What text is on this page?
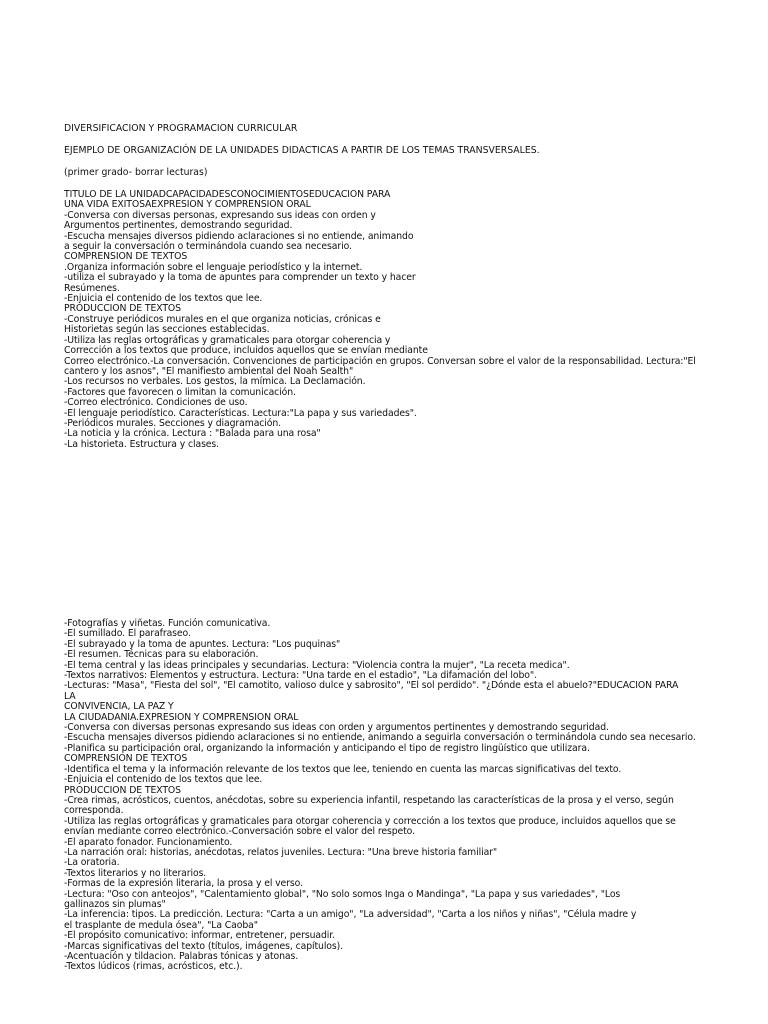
DIVERSIFICACION Y PROGRAMACION CURRICULAR
EJEMPLO DE ORGANIZACIÓN DE LA UNIDADES DIDACTICAS A PARTIR DE LOS TEMAS TRANSVERSALES.
(primer grado- borrar lecturas)
TITULO DE LA UNIDADCAPACIDADESCONOCIMIENTOSEDUCACION PARA
UNA VIDA EXITOSAEXPRESION Y COMPRENSION ORAL
-Conversa con diversas personas, expresando sus ideas con orden y
Argumentos pertinentes, demostrando seguridad.
-Escucha mensajes diversos pidiendo aclaraciones si no entiende, animando
a seguir la conversación o terminándola cuando sea necesario.
COMPRENSION DE TEXTOS
.Organiza información sobre el lenguaje periodístico y la internet.
-utiliza el subrayado y la toma de apuntes para comprender un texto y hacer
Resúmenes.
-Enjuicia el contenido de los textos que lee.
PRODUCCION DE TEXTOS
-Construye periódicos murales en el que organiza noticias, crónicas e
Historietas según las secciones establecidas.
-Utiliza las reglas ortográficas y gramaticales para otorgar coherencia y
Corrección a los textos que produce, incluidos aquellos que se envían mediante
Correo electrónico.-La conversación. Convenciones de participación en grupos. Conversan sobre el valor de la responsabilidad. Lectura:"El
cantero y los asnos", "El manifiesto ambiental del Noah Sealth"
-Los recursos no verbales. Los gestos, la mímica. La Declamación.
-Factores que favorecen o limitan la comunicación.
-Correo electrónico. Condiciones de uso.
-El lenguaje periodístico. Características. Lectura:"La papa y sus variedades".
-Periódicos murales. Secciones y diagramación.
-La noticia y la crónica. Lectura : "Balada para una rosa"
-La historieta. Estructura y clases.
-Fotografías y viñetas. Función comunicativa.
-El sumillado. El parafraseo.
-El subrayado y la toma de apuntes. Lectura: "Los puquinas"
-El resumen. Técnicas para su elaboración.
-El tema central y las ideas principales y secundarias. Lectura: "Violencia contra la mujer", "La receta medica".
-Textos narrativos: Elementos y estructura. Lectura: "Una tarde en el estadio", "La difamación del lobo".
-Lecturas: "Masa", "Fiesta del sol", "El camotito, valioso dulce y sabrosito", "El sol perdido". "¿Dónde esta el abuelo?"EDUCACION PARA
LA
CONVIVENCIA, LA PAZ Y
LA CIUDADANIA.EXPRESION Y COMPRENSION ORAL
-Conversa con diversas personas expresando sus ideas con orden y argumentos pertinentes y demostrando seguridad.
-Escucha mensajes diversos pidiendo aclaraciones si no entiende, animando a seguirla conversación o terminándola cundo sea necesario.
-Planifica su participación oral, organizando la información y anticipando el tipo de registro lingüístico que utilizara.
COMPRENSION DE TEXTOS
-Identifica el tema y la información relevante de los textos que lee, teniendo en cuenta las marcas significativas del texto.
-Enjuicia el contenido de los textos que lee.
PRODUCCION DE TEXTOS
-Crea rimas, acrósticos, cuentos, anécdotas, sobre su experiencia infantil, respetando las características de la prosa y el verso, según
corresponda.
-Utiliza las reglas ortográficas y gramaticales para otorgar coherencia y corrección a los textos que produce, incluidos aquellos que se
envían mediante correo electrónico.-Conversación sobre el valor del respeto.
-El aparato fonador. Funcionamiento.
-La narración oral: historias, anécdotas, relatos juveniles. Lectura: "Una breve historia familiar"
-La oratoria.
-Textos literarios y no literarios.
-Formas de la expresión literaria, la prosa y el verso.
-Lectura: "Oso con anteojos", "Calentamiento global", "No solo somos Inga o Mandinga", "La papa y sus variedades", "Los
gallinazos sin plumas"
-La inferencia: tipos. La predicción. Lectura: "Carta a un amigo", "La adversidad", "Carta a los niños y niñas", "Célula madre y
el trasplante de medula ósea", "La Caoba"
-El propósito comunicativo: informar, entretener, persuadir.
-Marcas significativas del texto (títulos, imágenes, capítulos).
-Acentuación y tildacion. Palabras tónicas y atonas.
-Textos lúdicos (rimas, acrósticos, etc.).
